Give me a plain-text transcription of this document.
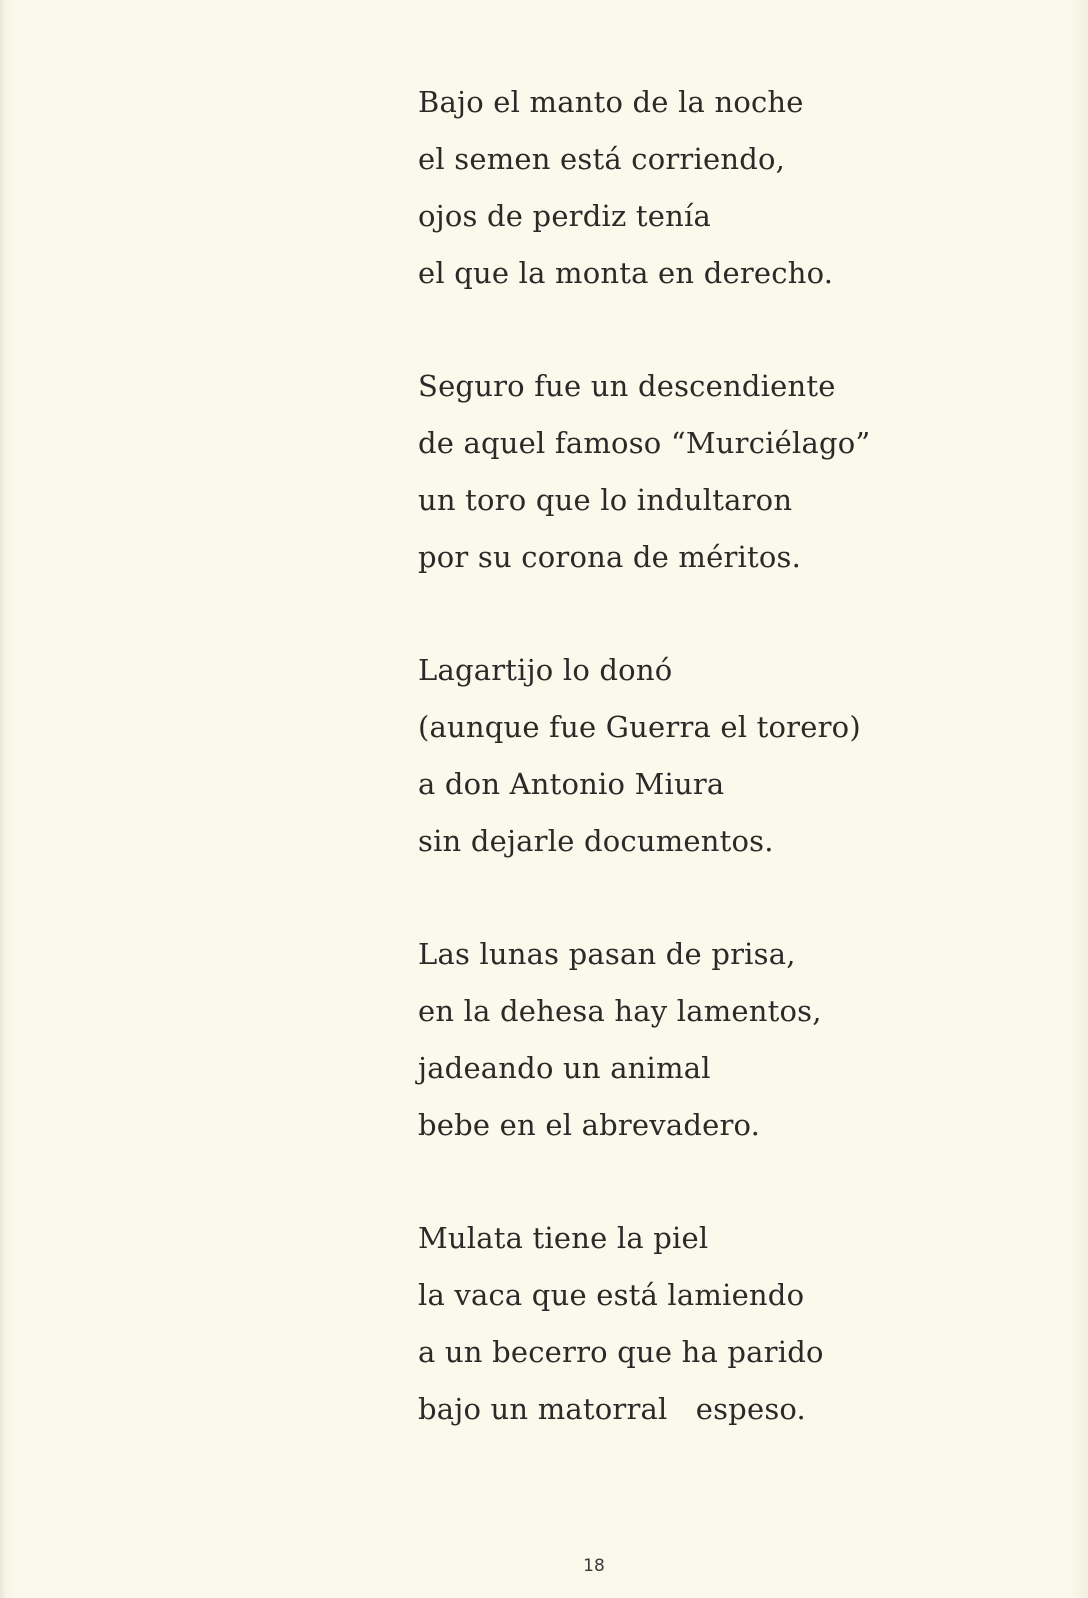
Bajo el manto de la noche
el semen está corriendo,
ojos de perdiz tenía
el que la monta en derecho.
Seguro fue un descendiente
de aquel famoso “Murciélago”
un toro que lo indultaron
por su corona de méritos.
Lagartijo lo donó
(aunque fue Guerra el torero)
a don Antonio Miura
sin dejarle documentos.
Las lunas pasan de prisa,
en la dehesa hay lamentos,
jadeando un animal
bebe en el abrevadero.
Mulata tiene la piel
la vaca que está lamiendo
a un becerro que ha parido
bajo un matorral   espeso.
18
